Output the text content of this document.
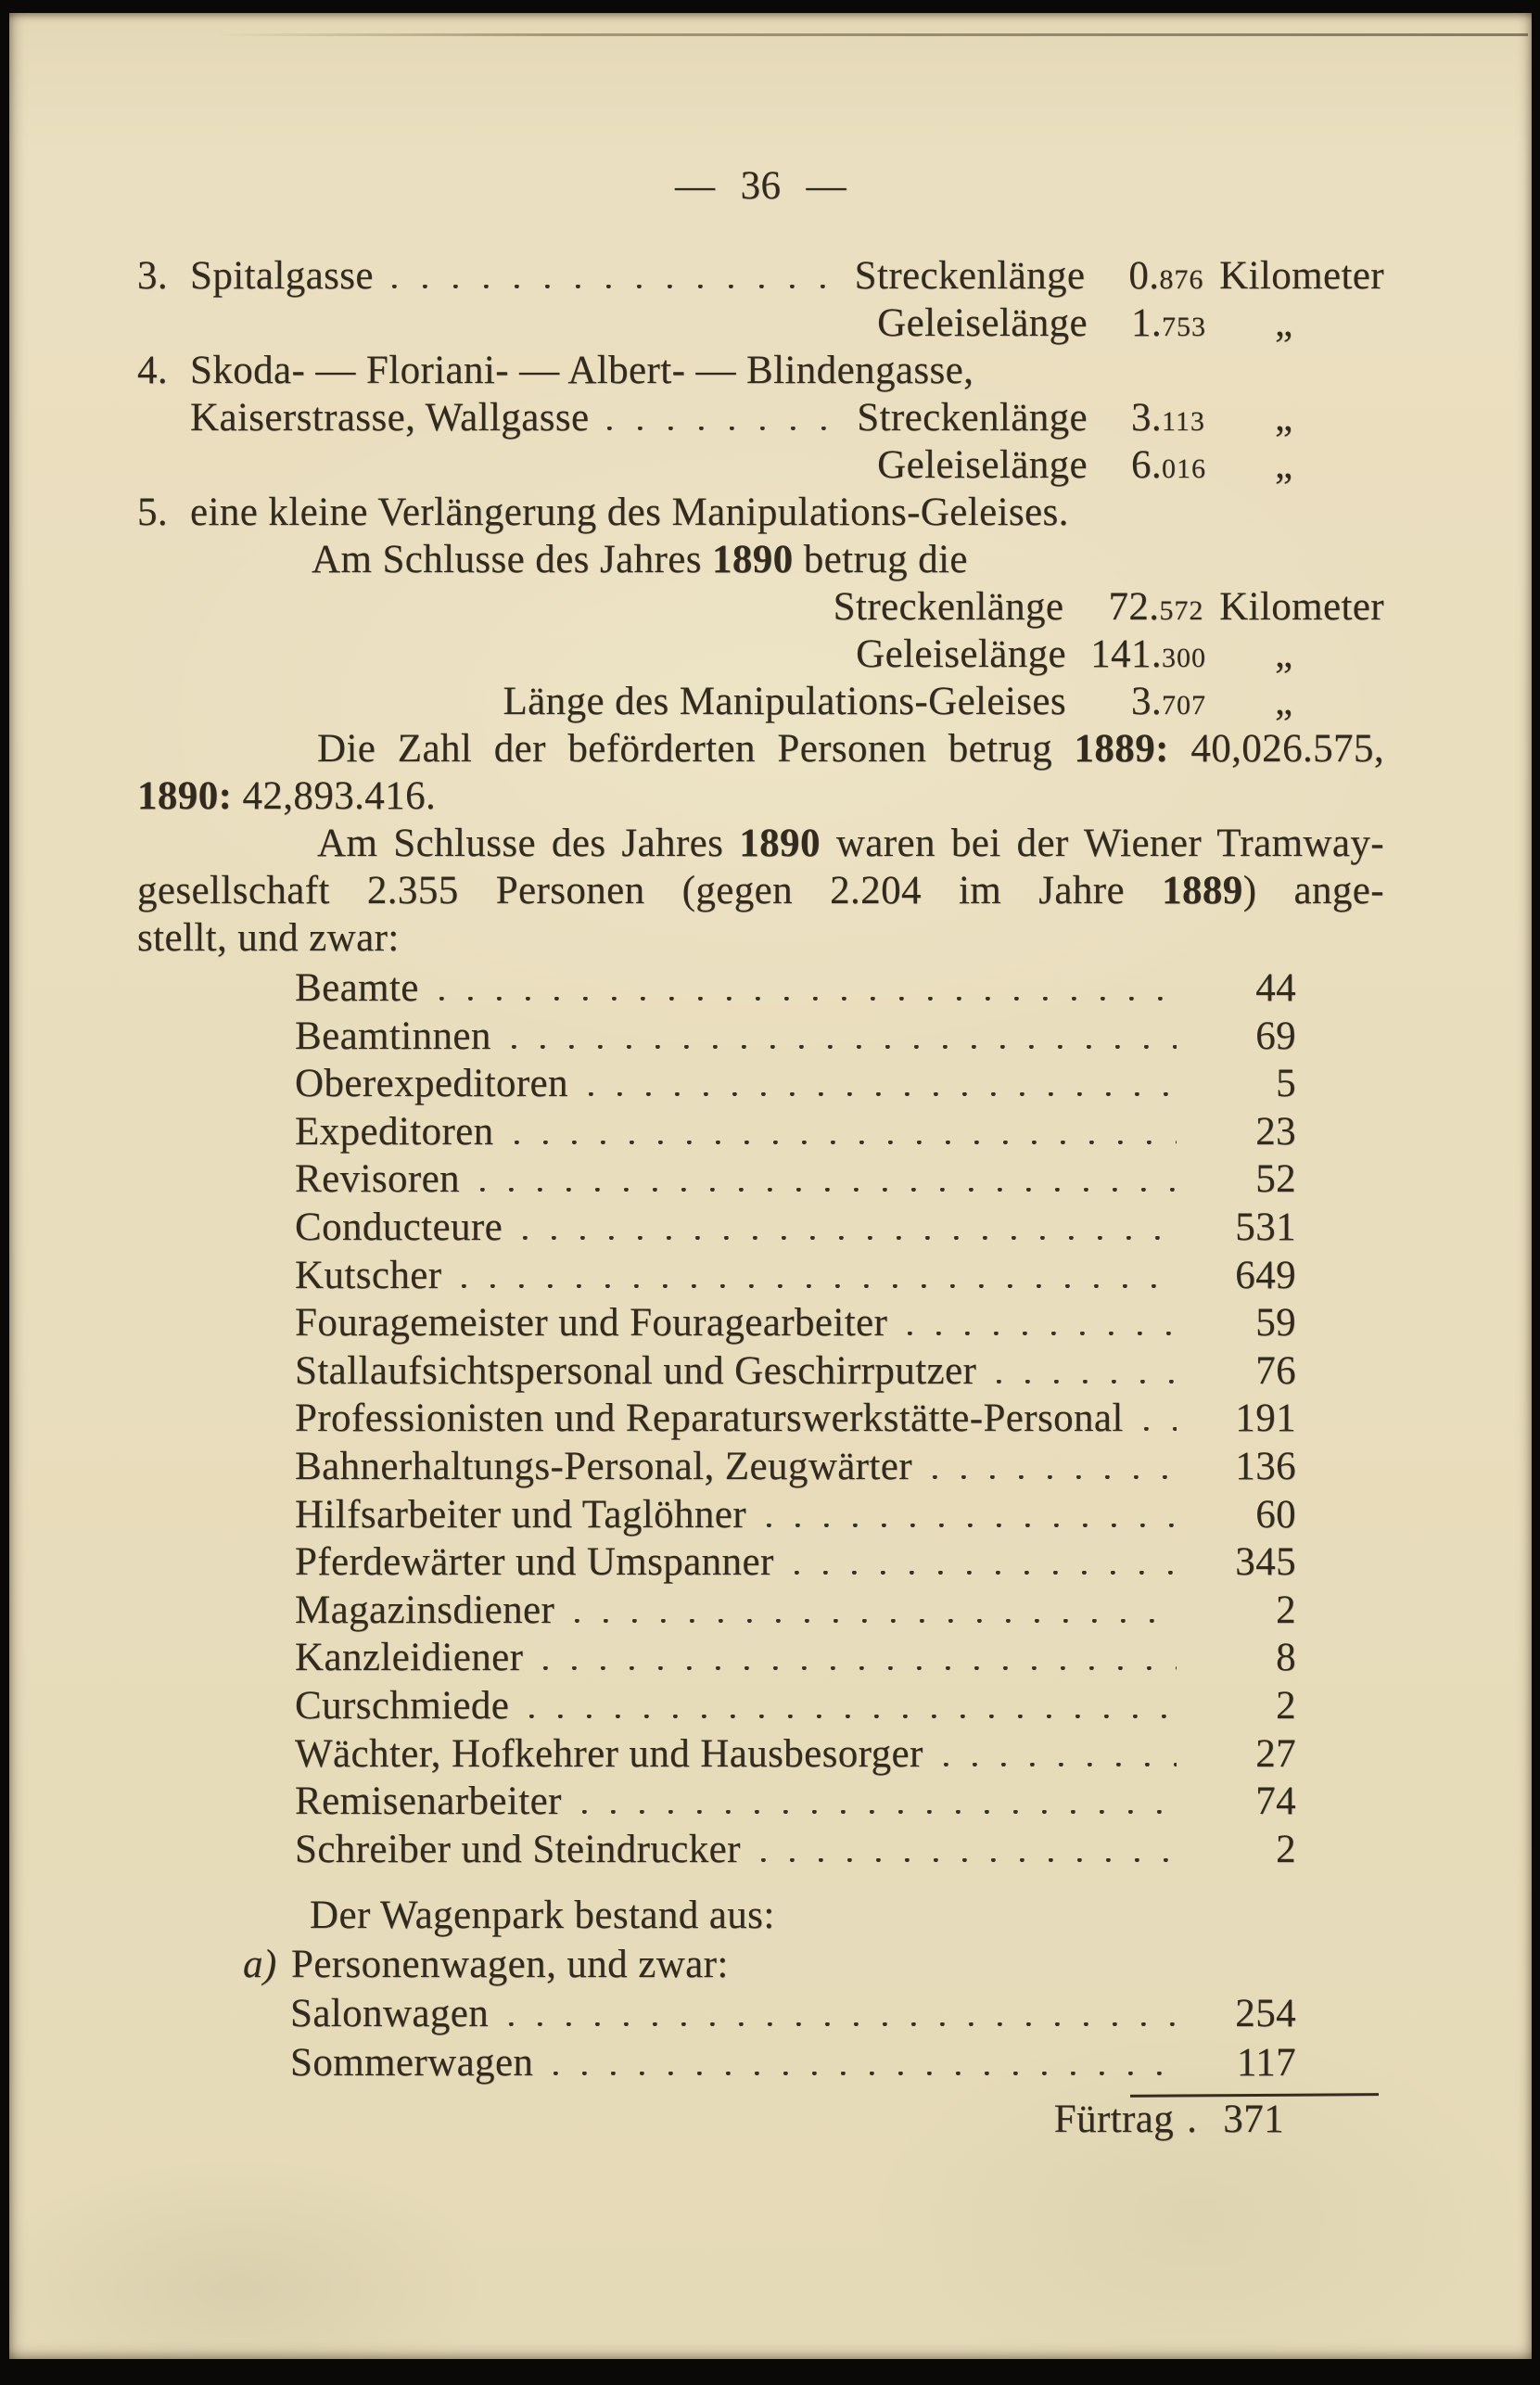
— 36 —
3. Spitalgasse	Streckenlänge	0. 876 Kilometer
Geleiselänge	1. 753	„
4. Skoda- — Floriani- — Albert- — Blindengasse,
Kaiserstrasse, Wallgasse	Streckenlänge	3. 113	„
Geleiselänge	6. 016	„
5. eine kleine Verlängerung des Manipulations-Geleises.
Am Schlusse des Jahres 1890 betrug die
Streckenlänge	72. 572 Kilometer
Geleiselänge 141. 300	„
Länge des Manipulations-Geleises	3. 707	„
Die Zahl der beförderten Personen betrug 1889: 40,026.575,
1890: 42,893.416.
Am Schlusse des Jahres 1890 waren bei der Wiener Tramway-
gesellschaft 2.355 Personen (gegen 2.204 im Jahre 1889) ange-
stellt, und zwar:
Beamte	44
Beamtinnen	69
Oberexpeditoren	5
Expeditoren	23
Revisoren	52
Conducteure	531
Kutscher	649
Fouragemeister und Fouragearbeiter	59
Stallaufsichtspersonal und Geschirrputzer	76
Professionisten und Reparaturswerkstätte-Personal	191
Bahnerhaltungs-Personal, Zeugwärter	136
Hilfsarbeiter und Taglöhner	60
Pferdewärter und Umspanner	345
Magazinsdiener	2
Kanzleidiener	8
Curschmiede	2
Wächter, Hofkehrer und Hausbesorger	27
Remisenarbeiter	74
Schreiber und Steindrucker	2
Der Wagenpark bestand aus:
a) Personenwagen, und zwar:
Salonwagen	254
Sommerwagen	117
Fürtrag . 371
